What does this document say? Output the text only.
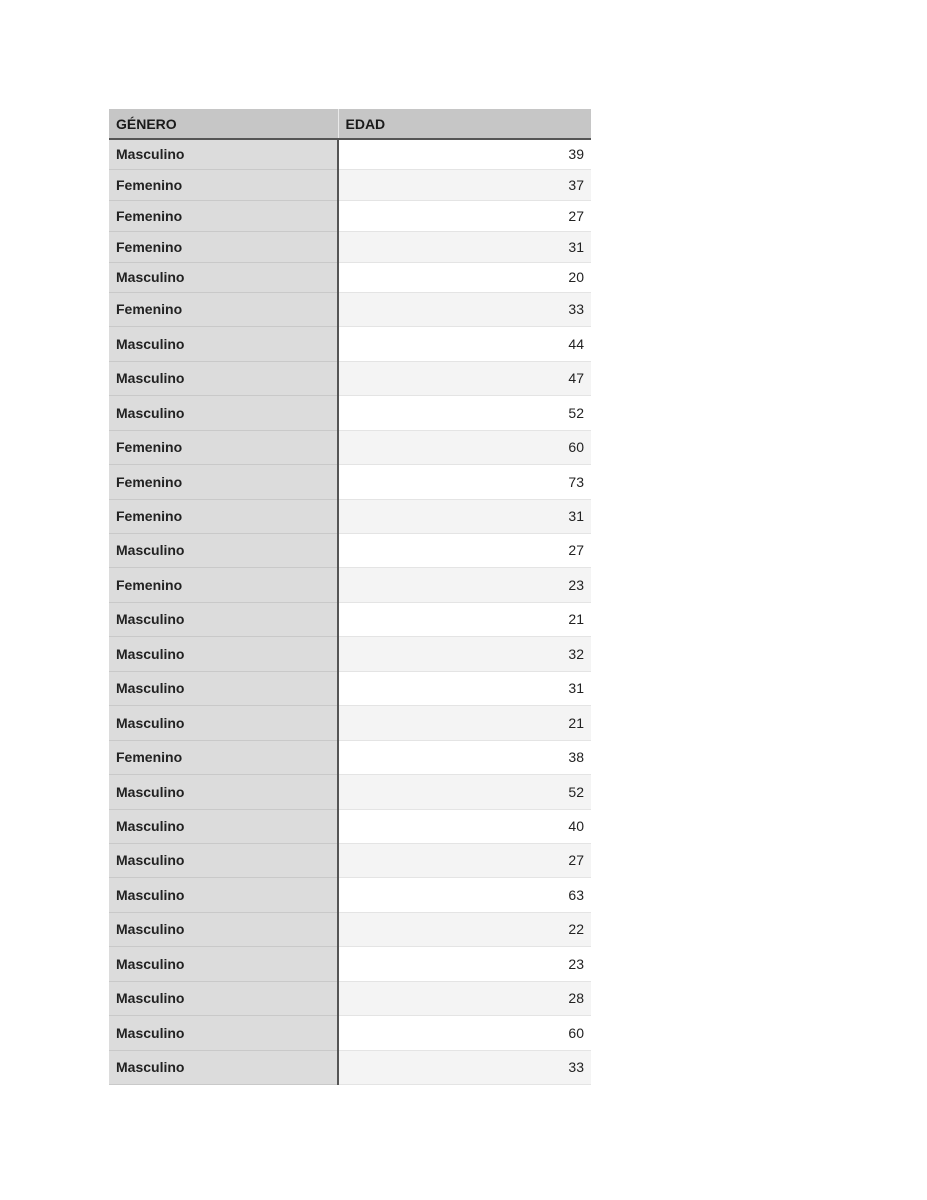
GÉNERO	EDAD
Masculino	39
Femenino	37
Femenino	27
Femenino	31
Masculino	20
Femenino	33
Masculino	44
Masculino	47
Masculino	52
Femenino	60
Femenino	73
Femenino	31
Masculino	27
Femenino	23
Masculino	21
Masculino	32
Masculino	31
Masculino	21
Femenino	38
Masculino	52
Masculino	40
Masculino	27
Masculino	63
Masculino	22
Masculino	23
Masculino	28
Masculino	60
Masculino	33
